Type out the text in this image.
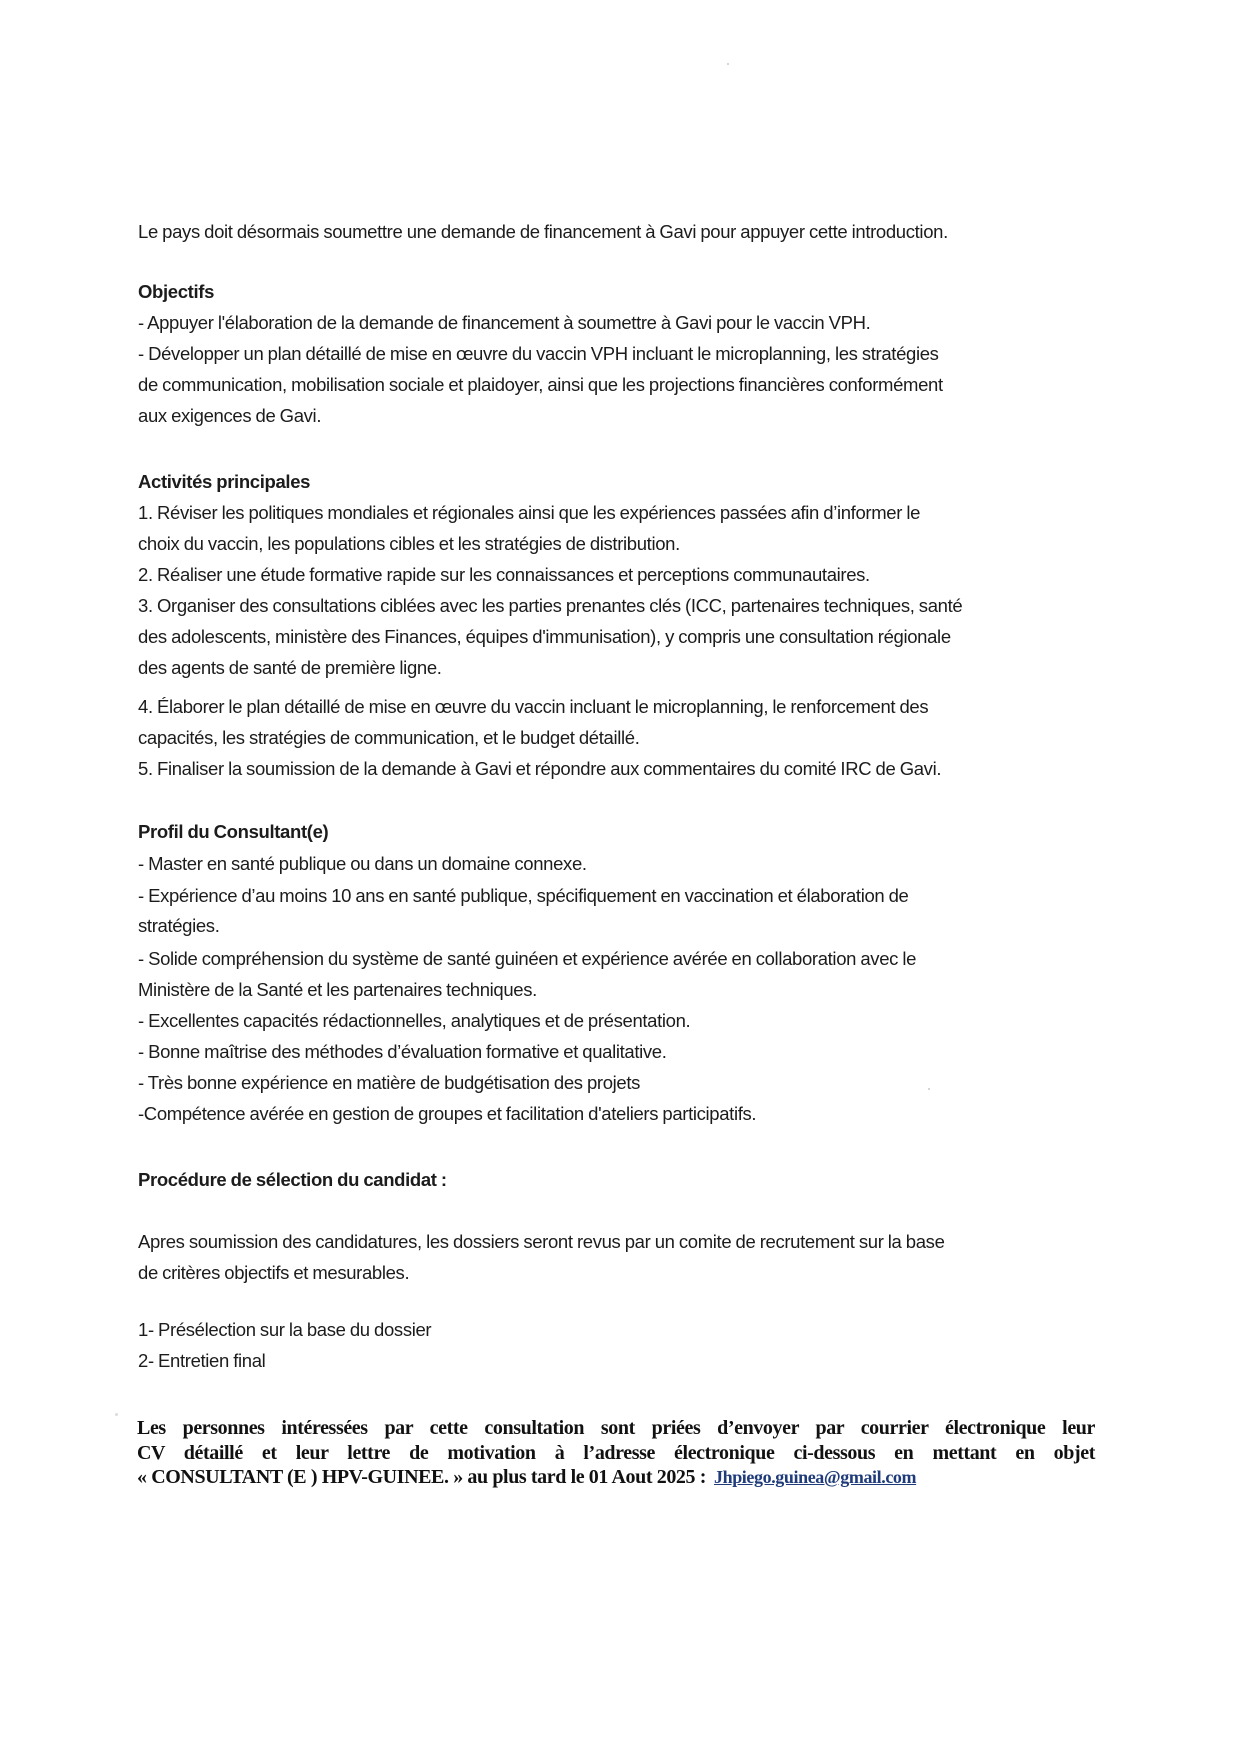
Le pays doit désormais soumettre une demande de financement à Gavi pour appuyer cette introduction.
Objectifs
- Appuyer l'élaboration de la demande de financement à soumettre à Gavi pour le vaccin VPH.
- Développer un plan détaillé de mise en œuvre du vaccin VPH incluant le microplanning, les stratégies
de communication, mobilisation sociale et plaidoyer, ainsi que les projections financières conformément
aux exigences de Gavi.
Activités principales
1. Réviser les politiques mondiales et régionales ainsi que les expériences passées afin d’informer le
choix du vaccin, les populations cibles et les stratégies de distribution.
2. Réaliser une étude formative rapide sur les connaissances et perceptions communautaires.
3. Organiser des consultations ciblées avec les parties prenantes clés (ICC, partenaires techniques, santé
des adolescents, ministère des Finances, équipes d'immunisation), y compris une consultation régionale
des agents de santé de première ligne.
4. Élaborer le plan détaillé de mise en œuvre du vaccin incluant le microplanning, le renforcement des
capacités, les stratégies de communication, et le budget détaillé.
5. Finaliser la soumission de la demande à Gavi et répondre aux commentaires du comité IRC de Gavi.
Profil du Consultant(e)
- Master en santé publique ou dans un domaine connexe.
- Expérience d’au moins 10 ans en santé publique, spécifiquement en vaccination et élaboration de
stratégies.
- Solide compréhension du système de santé guinéen et expérience avérée en collaboration avec le
Ministère de la Santé et les partenaires techniques.
- Excellentes capacités rédactionnelles, analytiques et de présentation.
- Bonne maîtrise des méthodes d’évaluation formative et qualitative.
- Très bonne expérience en matière de budgétisation des projets
-Compétence avérée en gestion de groupes et facilitation d'ateliers participatifs.
Procédure de sélection du candidat :
Apres soumission des candidatures, les dossiers seront revus par un comite de recrutement sur la base
de critères objectifs et mesurables.
1- Présélection sur la base du dossier
2- Entretien final
Les personnes intéressées par cette consultation sont priées d’envoyer par courrier électronique leur
CV détaillé et leur lettre de motivation à l’adresse électronique ci-dessous en mettant en objet
« CONSULTANT (E ) HPV-GUINEE. » au plus tard le 01 Aout 2025 : Jhpiego.guinea@gmail.com
